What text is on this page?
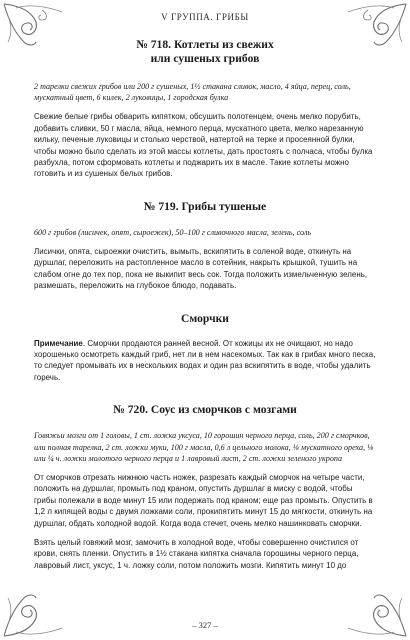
V ГРУППА. ГРИБЫ
№ 718. Котлеты из свежих
или сушеных грибов

2 тарелки свежих грибов или 200 г сушеных, 1½ стакана сливок, масло, 4 яйца, перец, соль, мускатный цвет, 6 килек, 2 луковицы, 1 городская булка

Свежие белые грибы обварить кипятком, обсушить полотенцем, очень мелко порубить, добавить сливки, 50 г масла, яйца, немного перца, мускатного цвета, мелко нарезанную кильку, печеные луковицы и столько черствой, натертой на терке и просеянной булки, чтобы можно было сделать из этой массы котлеты, дать простоять с полчаса, чтобы булка разбухла, потом сформовать котлеты и поджарить их в масле. Такие котлеты можно готовить и из сушеных белых грибов.

№ 719. Грибы тушеные

600 г грибов (лисичек, опят, сыроежек), 50–100 г сливочного масла, зелень, соль

Лисички, опята, сыроежки очистить, вымыть, вскипятить в соленой воде, откинуть на дуршлаг, переложить на растопленное масло в сотейник, накрыть крышкой, тушить на слабом огне до тех пор, пока не выкипит весь сок. Тогда положить измельченную зелень, размешать, переложить на глубокое блюдо, подавать.

Сморчки

Примечание. Сморчки продаются ранней весной. От кожицы их не очищают, но надо хорошенько осмотреть каждый гриб, нет ли в нем насекомых. Так как в грибах много песка, то следует промывать их в нескольких водах и один раз вскипятить в воде, чтобы удалить горечь.

№ 720. Соус из сморчков с мозгами

Говяжьи мозги от 1 головы, 1 ст. ложка уксуса, 10 горошин черного перца, соль, 200 г сморчков, или полная тарелка, 2 ст. ложки муки, 100 г масла, 0,6 л цельного молока, ⅛ мускатного ореха, ⅛ или ¼ ч. ложки молотого черного перца и 1 лавровый лист, 2 ст. ложки зеленого укропа

От сморчков отрезать нижнюю часть ножек, разрезать каждый сморчок на четыре части, положить на дуршлаг, промыть под краном, опустить дуршлаг в миску с водой, чтобы грибы полежали в воде минут 15 или подержать под краном; еще раз промыть. Опустить в 1,2 л кипящей воды с двумя ложками соли, прокипятить минут 15 до мягкости, откинуть на дуршлаг, обдать холодной водой. Когда вода стечет, очень мелко нашинковать сморчки.

Взять целый говяжий мозг, замочить в холодной воде, чтобы совершенно очистился от крови, снять пленки. Опустить в 1½ стакана кипятка сначала горошины черного перца, лавровый лист, уксус, 1 ч. ложку соли, потом положить мозги. Кипятить минут 10 до

– 327 –
